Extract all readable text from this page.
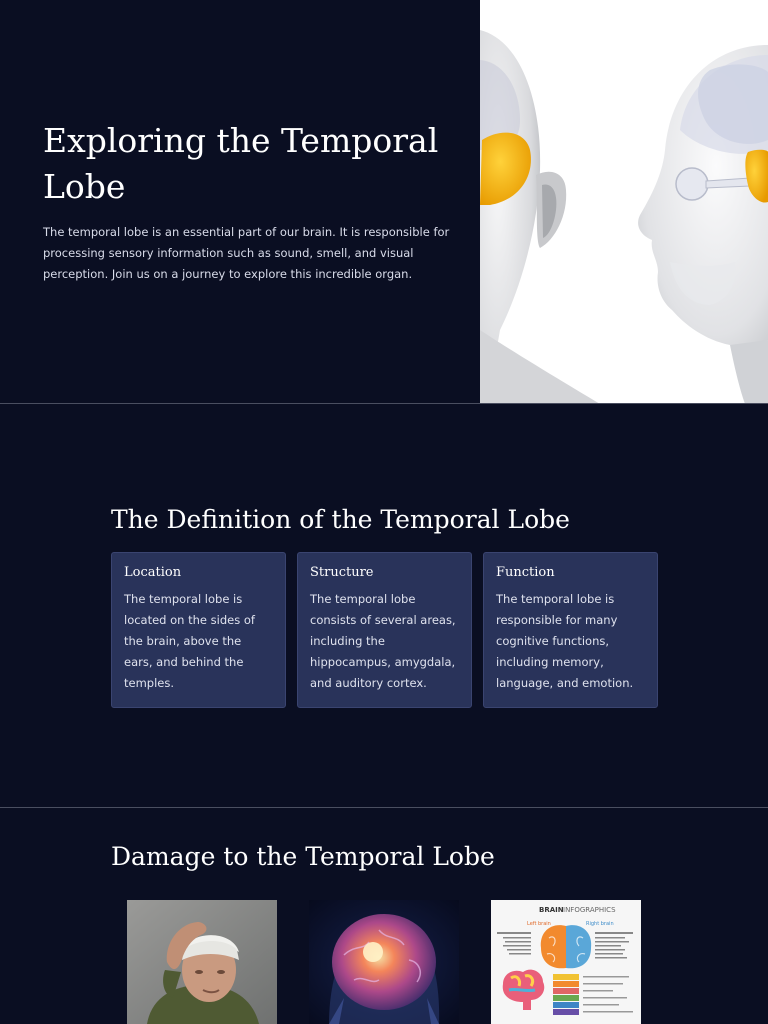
Exploring the Temporal Lobe

The temporal lobe is an essential part of our brain. It is responsible for processing sensory information such as sound, smell, and visual perception. Join us on a journey to explore this incredible organ.

The Definition of the Temporal Lobe
Location

The temporal lobe is located on the sides of the brain, above the ears, and behind the temples.

Structure

The temporal lobe consists of several areas, including the hippocampus, amygdala, and auditory cortex.

Function

The temporal lobe is responsible for many cognitive functions, including memory, language, and emotion.

Damage to the Temporal Lobe
BRAIN INFOGRAPHICS
Left brain	Right brain
